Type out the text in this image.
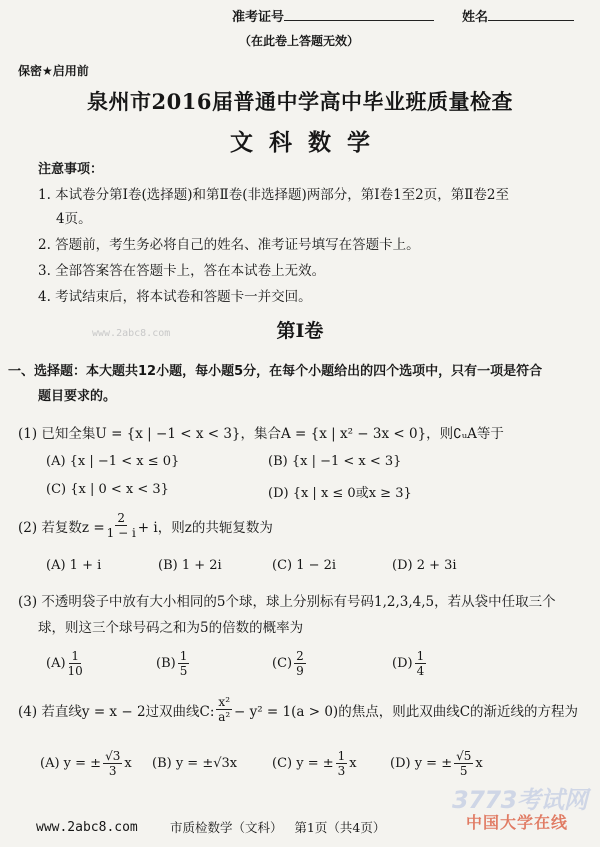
准考证号	姓名
（在此卷上答题无效）
保密★启用前
泉州市2016届普通中学高中毕业班质量检查
文  科  数  学
注意事项：
1. 本试卷分第Ⅰ卷(选择题)和第Ⅱ卷(非选择题)两部分，第Ⅰ卷1至2页，第Ⅱ卷2至
4页。
2. 答题前，考生务必将自己的姓名、准考证号填写在答题卡上。
3. 全部答案答在答题卡上，答在本试卷上无效。
4. 考试结束后，将本试卷和答题卡一并交回。
www.2abc8.com	第Ⅰ卷
一、选择题：本大题共12小题，每小题5分，在每个小题给出的四个选项中，只有一项是符合
题目要求的。
(1) 已知全集U = {x | −1 < x < 3}，集合A = {x | x² − 3x < 0}，则∁ᵤA等于
(A) {x | −1 < x ≤ 0}	(B) {x | −1 < x < 3}
(C) {x | 0 < x < 3}	(D) {x | x ≤ 0或x ≥ 3}
(2) 若复数$z = \frac{2}{1 - i} + i$，则z的共轭复数为
(A) 1 + i	(B) 1 + 2i	(C) 1 − 2i	(D) 2 + 3i
(3) 不透明袋子中放有大小相同的5个球，球上分别标有号码1,2,3,4,5，若从袋中任取三个
球，则这三个球号码之和为5的倍数的概率为
$(A) \frac{1}{10}$	$(B) \frac{1}{5}$	$(C) \frac{2}{9}$	$(D) \frac{1}{4}$
(4) 若直线y = x − 2过双曲线C: $\frac{\text{x²}}{\text{a²}} - y^2 = 1(a > 0)$的焦点，则此双曲线C的渐近线的方程为
(A) y = ± $\frac{√3}{3}$ x (B) y = ±√3x	(C) y = ± $\frac{1}{3}$ x	(D) y = ± $\frac{√5}{5}$ x
www.2abc8.com	市质检数学（文科）   第1页（共4页）
3773考试网
中国大学在线
